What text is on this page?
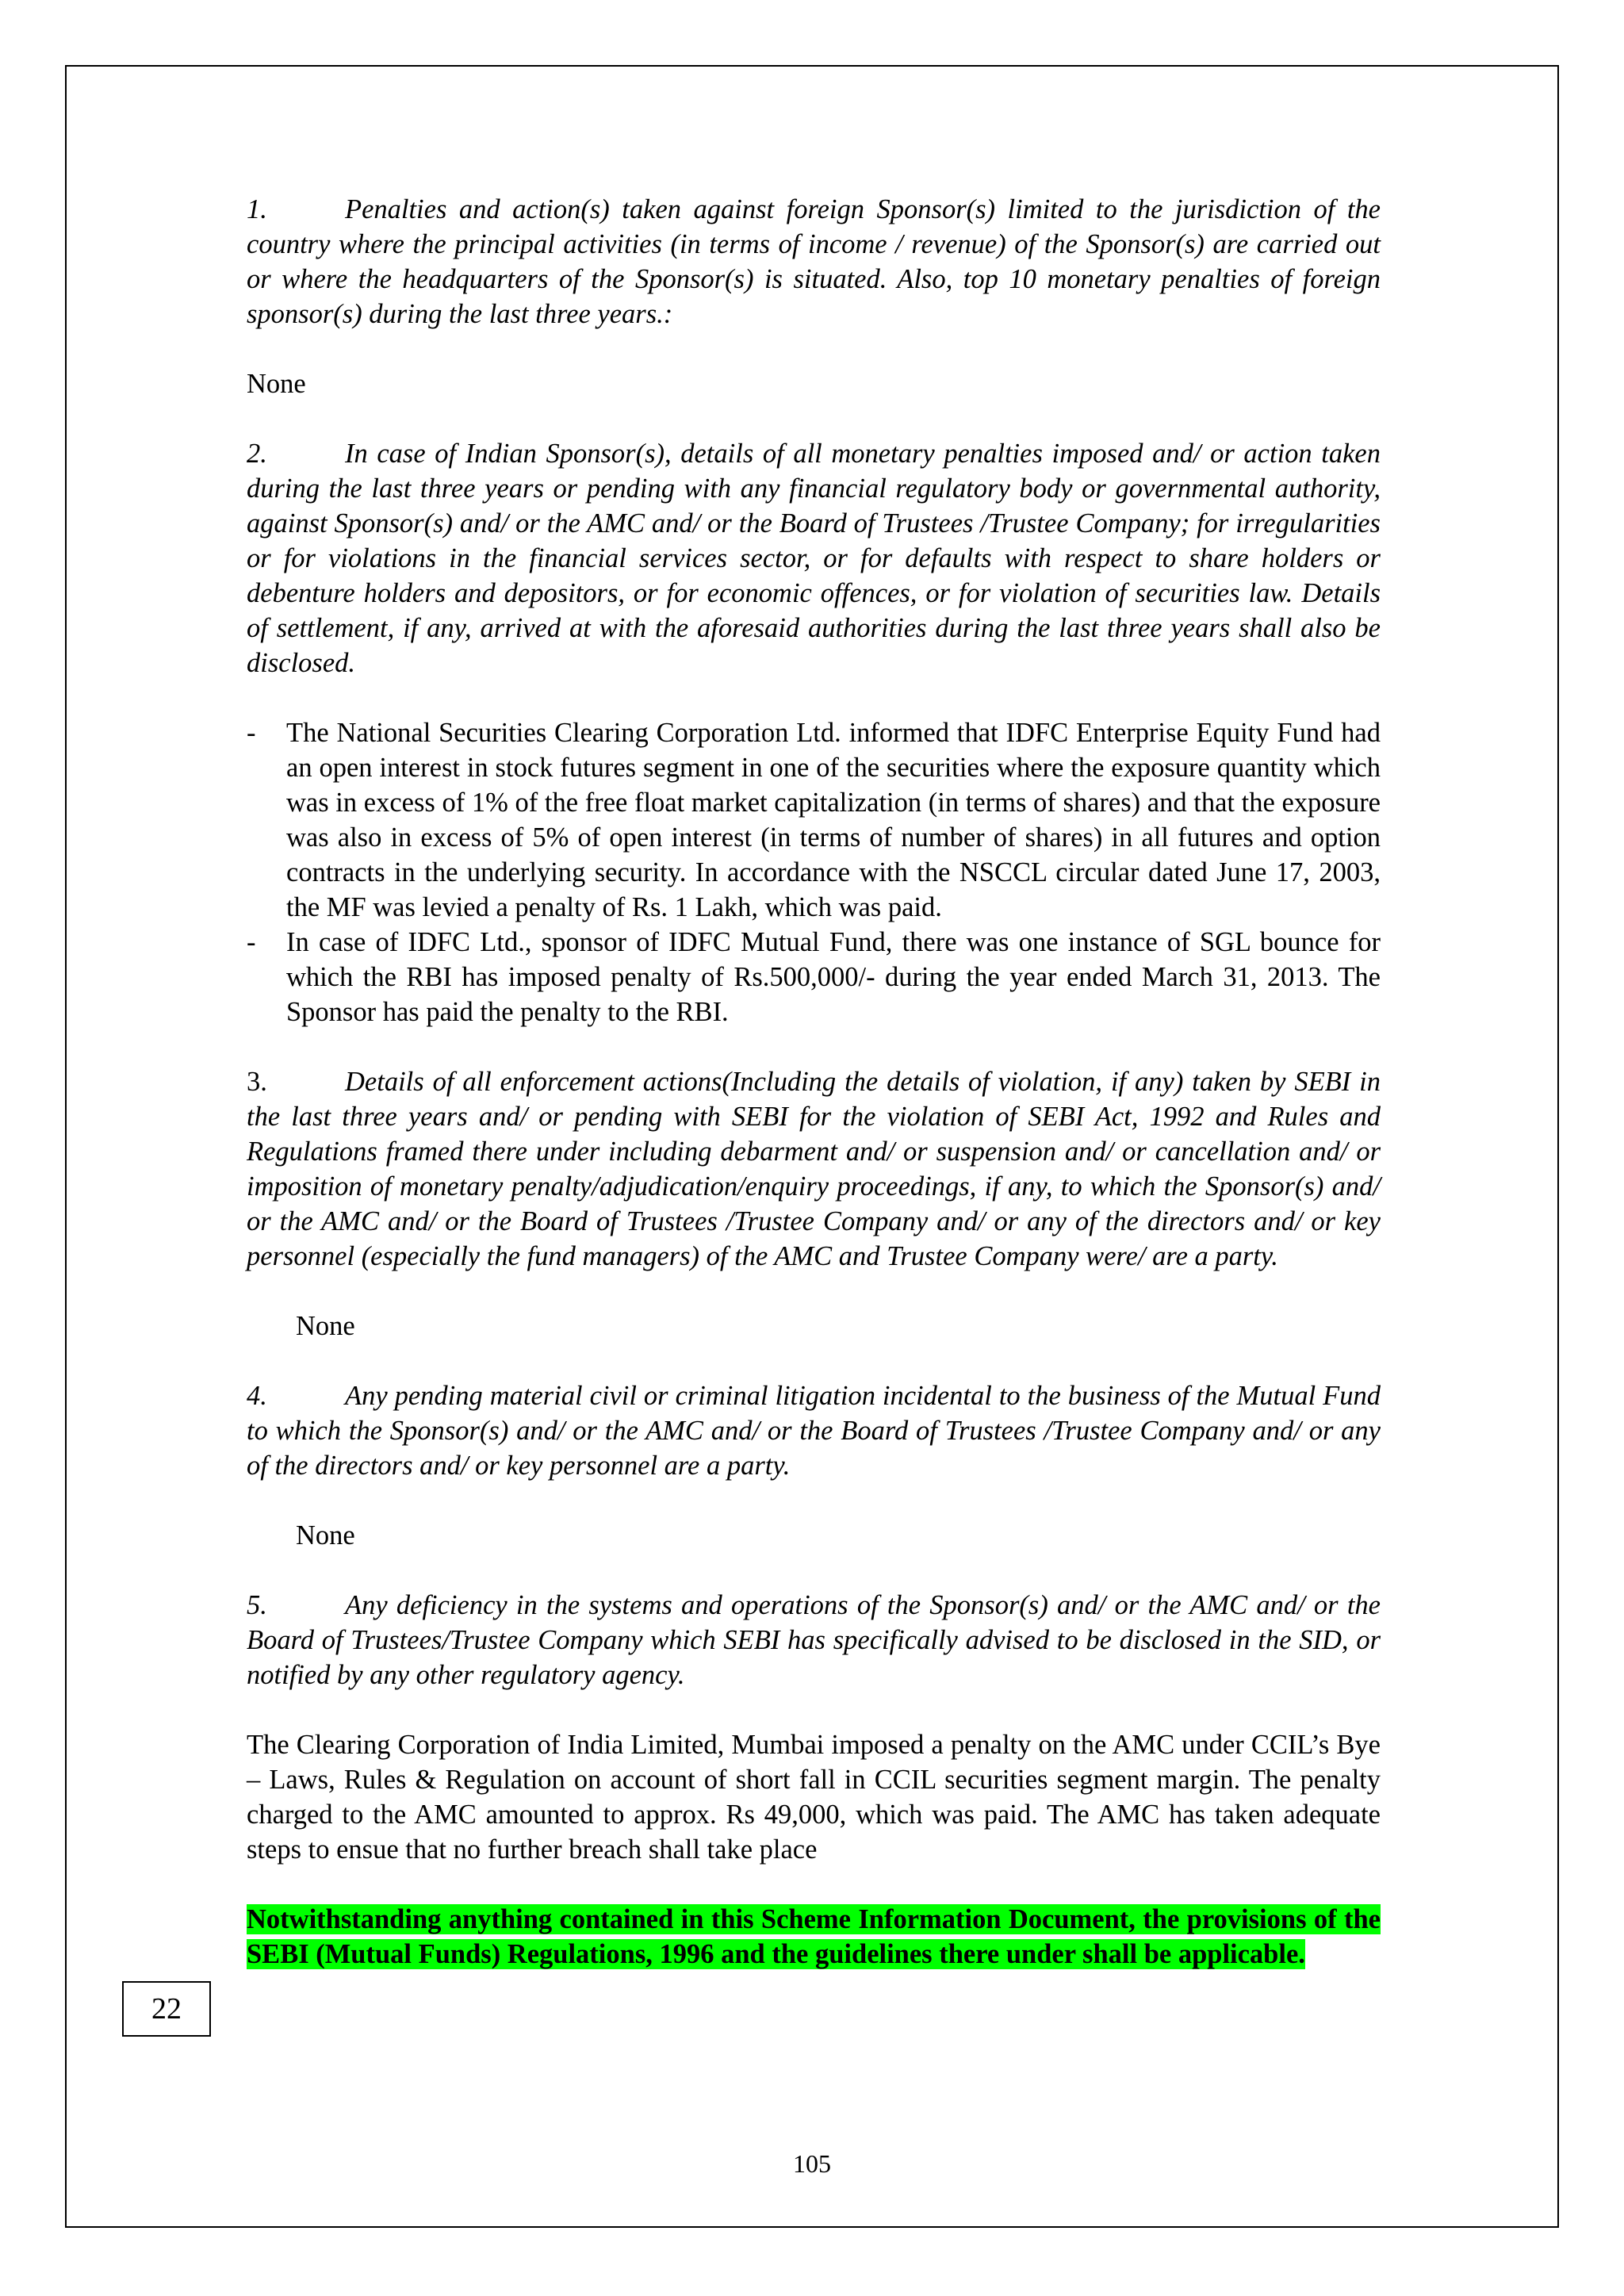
1.	Penalties and action(s) taken against foreign Sponsor(s) limited to the jurisdiction of the country where the principal activities (in terms of income / revenue) of the Sponsor(s) are carried out or where the headquarters of the Sponsor(s) is situated. Also, top 10 monetary penalties of foreign sponsor(s) during the last three years.:

None

2.	In case of Indian Sponsor(s), details of all monetary penalties imposed and/ or action taken during the last three years or pending with any financial regulatory body or governmental authority, against Sponsor(s) and/ or the AMC and/ or the Board of Trustees /Trustee Company; for irregularities or for violations in the financial services sector, or for defaults with respect to share holders or debenture holders and depositors, or for economic offences, or for violation of securities law. Details of settlement, if any, arrived at with the aforesaid authorities during the last three years shall also be disclosed.

- The National Securities Clearing Corporation Ltd. informed that IDFC Enterprise Equity Fund had an open interest in stock futures segment in one of the securities where the exposure quantity which was in excess of 1% of the free float market capitalization (in terms of shares) and that the exposure was also in excess of 5% of open interest (in terms of number of shares) in all futures and option contracts in the underlying security. In accordance with the NSCCL circular dated June 17, 2003, the MF was levied a penalty of Rs. 1 Lakh, which was paid.
- In case of IDFC Ltd., sponsor of IDFC Mutual Fund, there was one instance of SGL bounce for which the RBI has imposed penalty of Rs.500,000/- during the year ended March 31, 2013. The Sponsor has paid the penalty to the RBI.

3.	Details of all enforcement actions(Including the details of violation, if any) taken by SEBI in the last three years and/ or pending with SEBI for the violation of SEBI Act, 1992 and Rules and Regulations framed there under including debarment and/ or suspension and/ or cancellation and/ or imposition of monetary penalty/adjudication/enquiry proceedings, if any, to which the Sponsor(s) and/ or the AMC and/ or the Board of Trustees /Trustee Company and/ or any of the directors and/ or key personnel (especially the fund managers) of the AMC and Trustee Company were/ are a party.

None

4.	Any pending material civil or criminal litigation incidental to the business of the Mutual Fund to which the Sponsor(s) and/ or the AMC and/ or the Board of Trustees /Trustee Company and/ or any of the directors and/ or key personnel are a party.

None

5.	Any deficiency in the systems and operations of the Sponsor(s) and/ or the AMC and/ or the Board of Trustees/Trustee Company which SEBI has specifically advised to be disclosed in the SID, or notified by any other regulatory agency.

The Clearing Corporation of India Limited, Mumbai imposed a penalty on the AMC under CCIL’s Bye – Laws, Rules & Regulation on account of short fall in CCIL securities segment margin. The penalty charged to the AMC amounted to approx. Rs 49,000, which was paid. The AMC has taken adequate steps to ensue that no further breach shall take place

Notwithstanding anything contained in this Scheme Information Document, the provisions of the SEBI (Mutual Funds) Regulations, 1996 and the guidelines there under shall be applicable.

22
105
